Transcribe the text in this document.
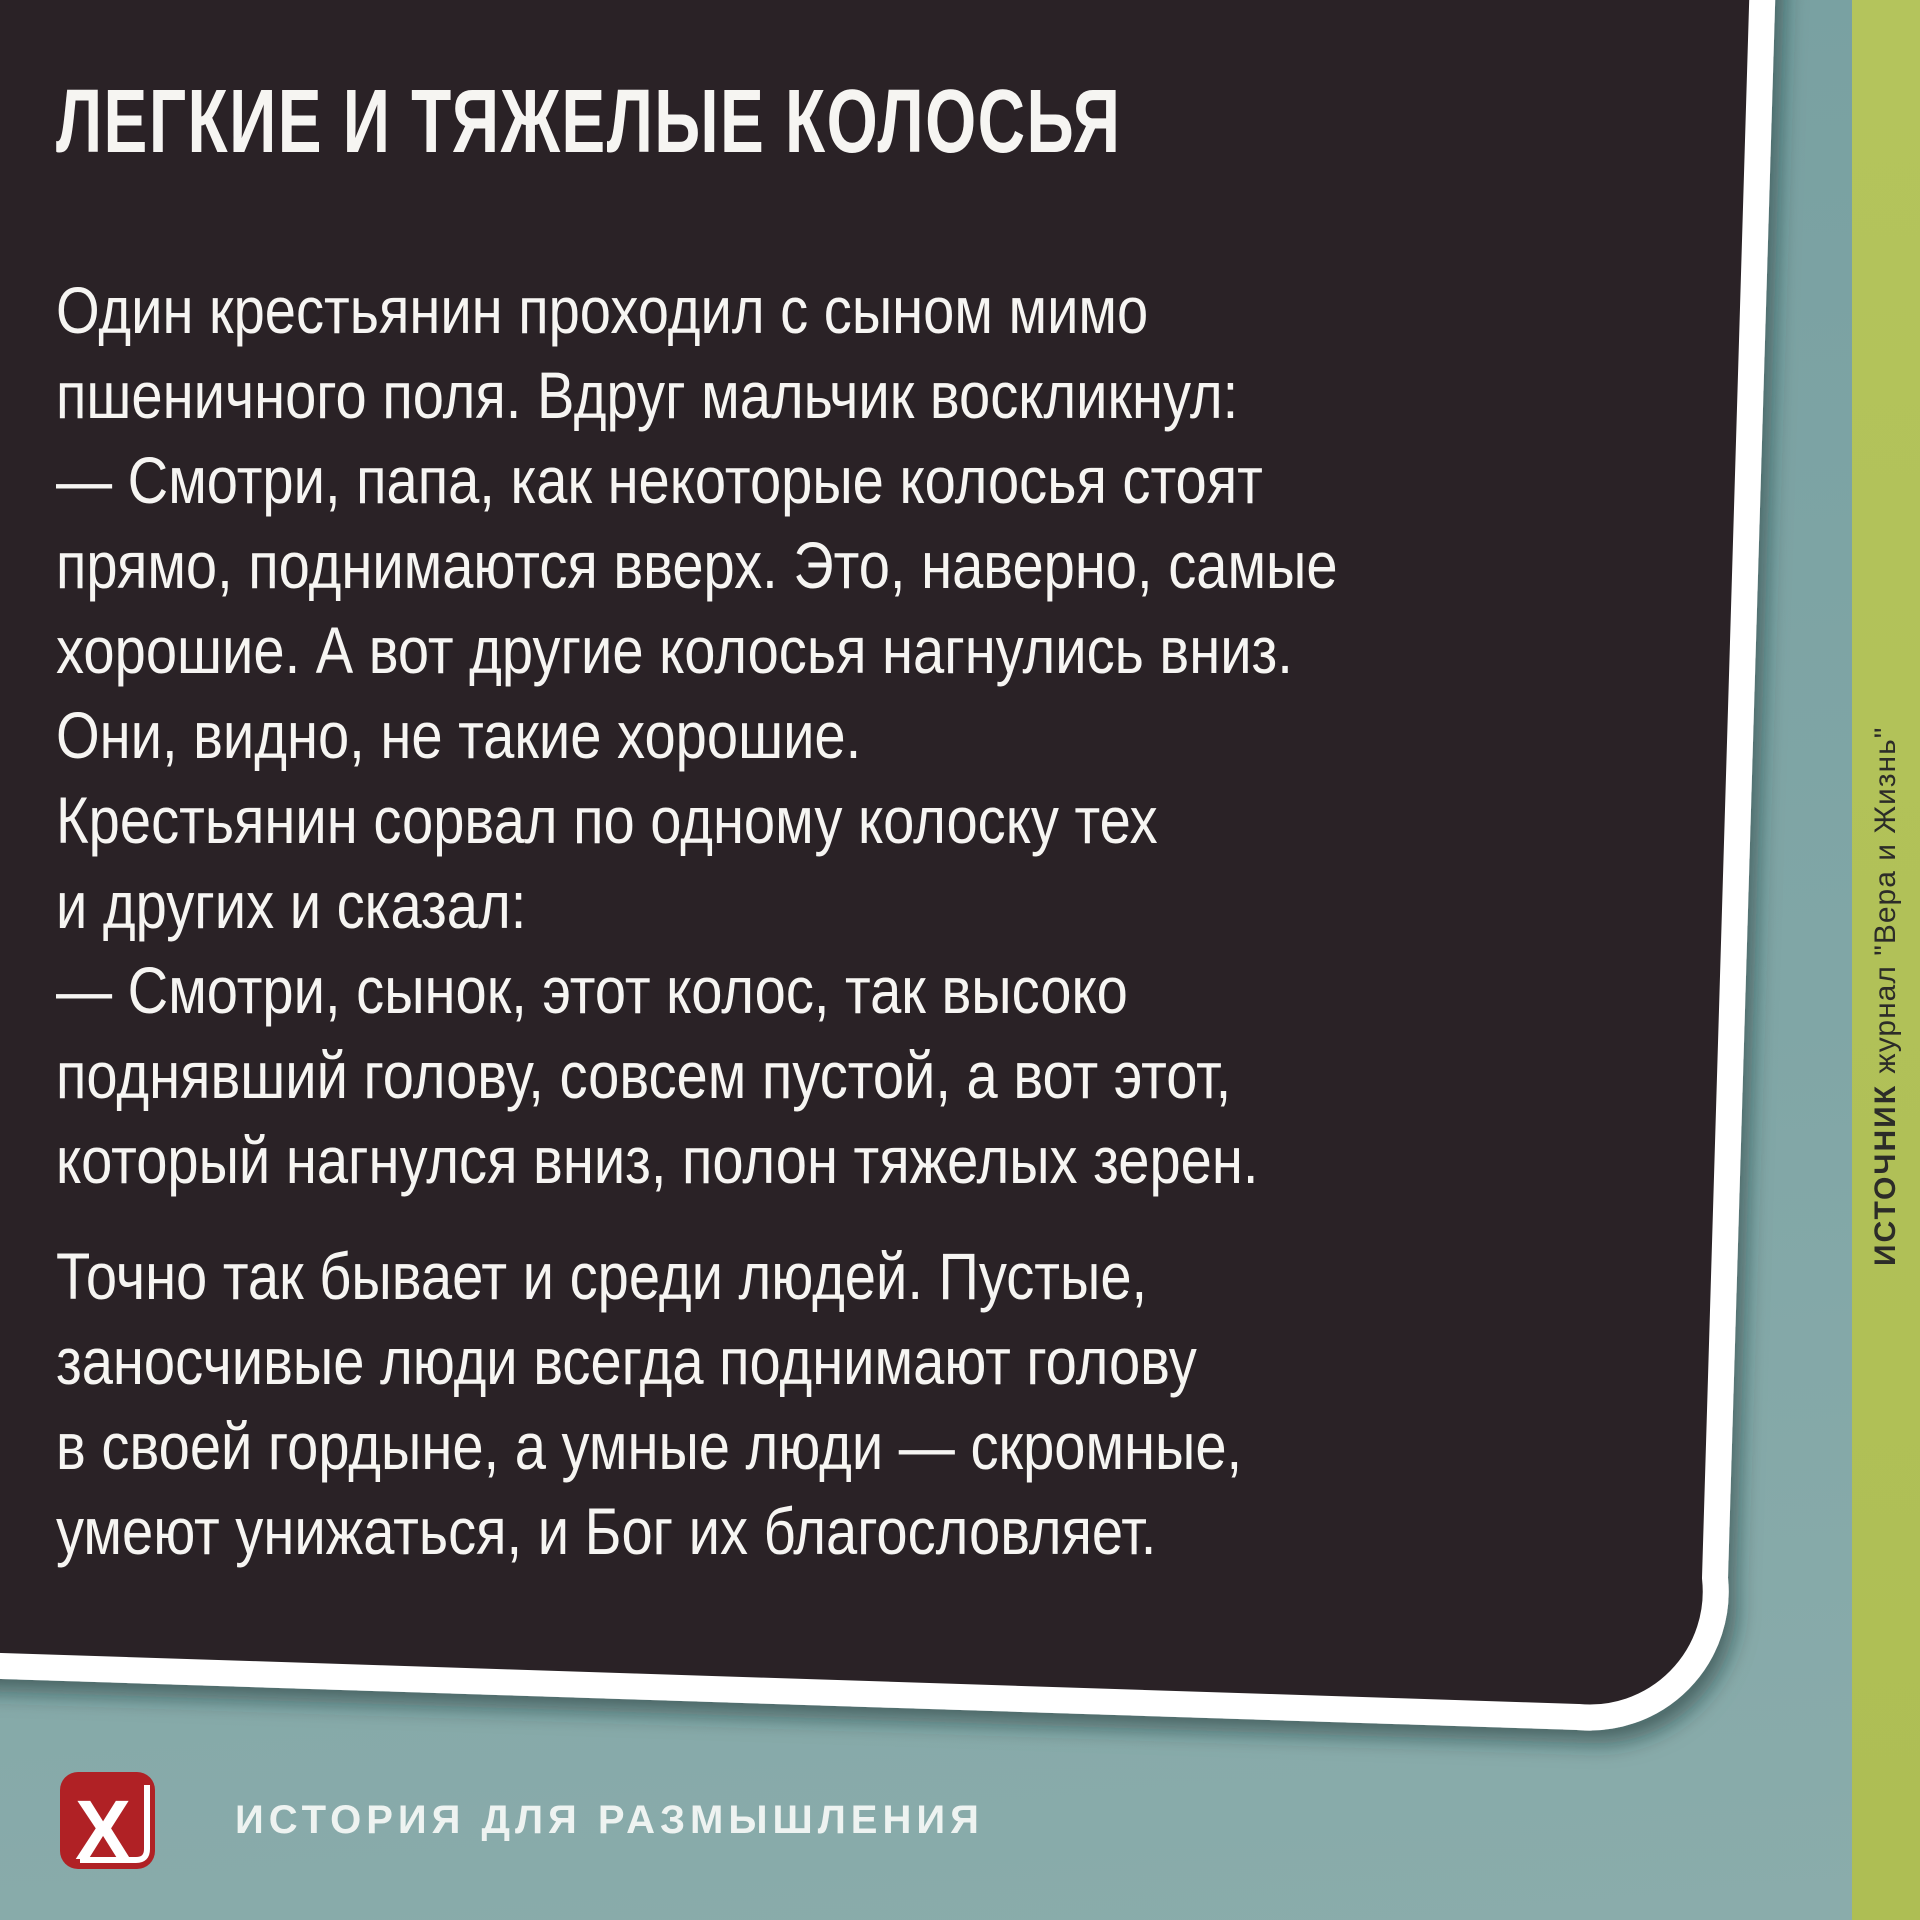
ИСТОЧНИК журнал "Вера и Жизнь"
ЛЕГКИЕ И ТЯЖЕЛЫЕ КОЛОСЬЯ
Один крестьянин проходил с сыном мимо
пшеничного поля. Вдруг мальчик воскликнул:
— Смотри, папа, как некоторые колосья стоят
прямо, поднимаются вверх. Это, наверно, самые
хорошие. А вот другие колосья нагнулись вниз.
Они, видно, не такие хорошие.
Крестьянин сорвал по одному колоску тех
и других и сказал:
— Смотри, сынок, этот колос, так высоко
поднявший голову, совсем пустой, а вот этот,
который нагнулся вниз, полон тяжелых зерен.
Точно так бывает и среди людей. Пустые,
заносчивые люди всегда поднимают голову
в своей гордыне, а умные люди — скромные,
умеют унижаться, и Бог их благословляет.
X	ИСТОРИЯ ДЛЯ РАЗМЫШЛЕНИЯ
